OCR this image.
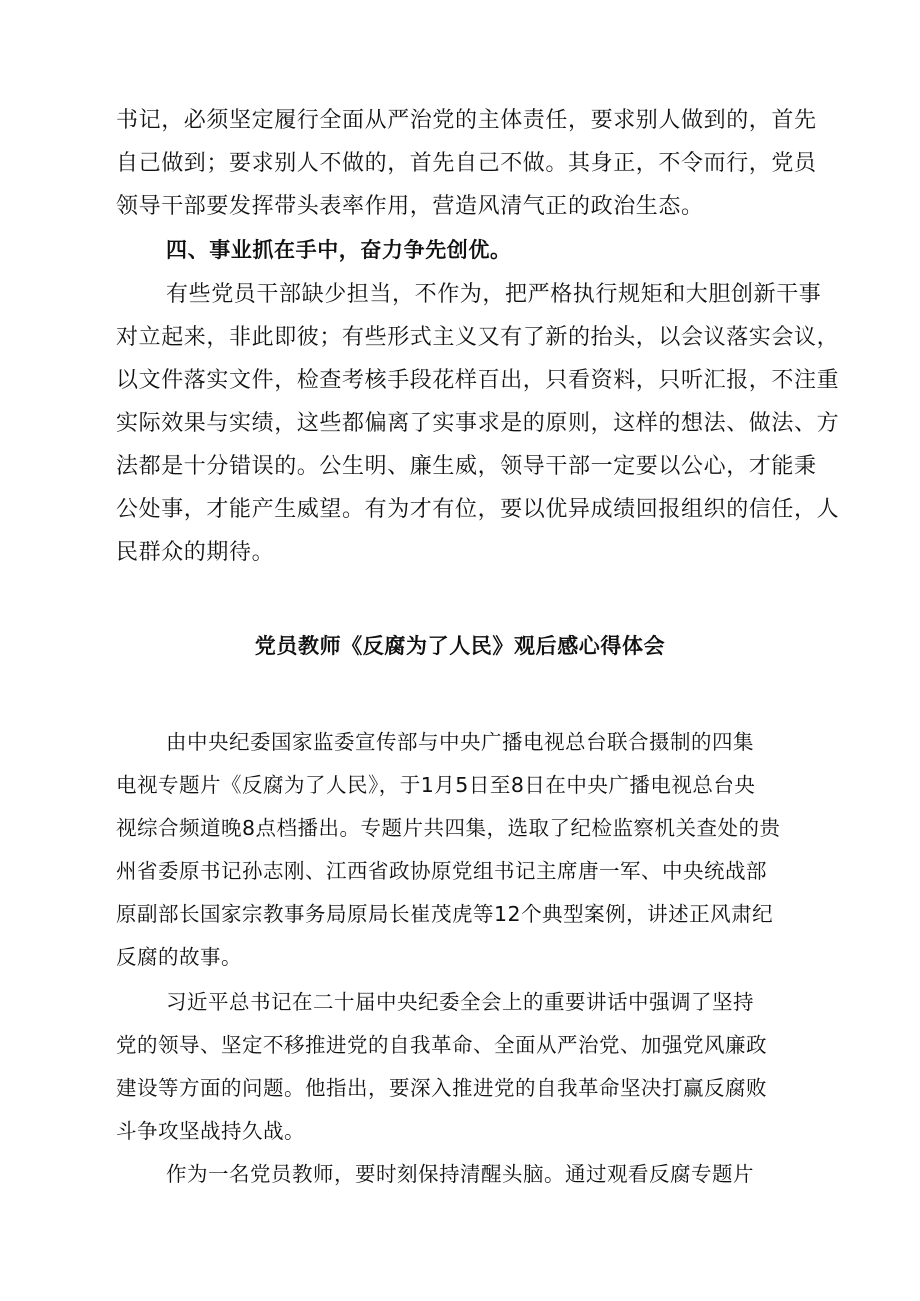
书记，必须坚定履行全面从严治党的主体责任，要求别人做到的，首先
自己做到；要求别人不做的，首先自己不做。其身正，不令而行，党员
领导干部要发挥带头表率作用，营造风清气正的政治生态。
四、事业抓在手中，奋力争先创优。
有些党员干部缺少担当，不作为，把严格执行规矩和大胆创新干事
对立起来，非此即彼；有些形式主义又有了新的抬头，以会议落实会议，
以文件落实文件，检查考核手段花样百出，只看资料，只听汇报，不注重
实际效果与实绩，这些都偏离了实事求是的原则，这样的想法、做法、方
法都是十分错误的。公生明、廉生威，领导干部一定要以公心，才能秉
公处事，才能产生威望。有为才有位，要以优异成绩回报组织的信任，人
民群众的期待。
党员教师《反腐为了人民》观后感心得体会
由中央纪委国家监委宣传部与中央广播电视总台联合摄制的四集
电视专题片《反腐为了人民》，于1月5日至8日在中央广播电视总台央
视综合频道晚8点档播出。专题片共四集，选取了纪检监察机关查处的贵
州省委原书记孙志刚、江西省政协原党组书记主席唐一军、中央统战部
原副部长国家宗教事务局原局长崔茂虎等12个典型案例，讲述正风肃纪
反腐的故事。
习近平总书记在二十届中央纪委全会上的重要讲话中强调了坚持
党的领导、坚定不移推进党的自我革命、全面从严治党、加强党风廉政
建设等方面的问题。他指出，要深入推进党的自我革命坚决打赢反腐败
斗争攻坚战持久战。
作为一名党员教师，要时刻保持清醒头脑。通过观看反腐专题片
